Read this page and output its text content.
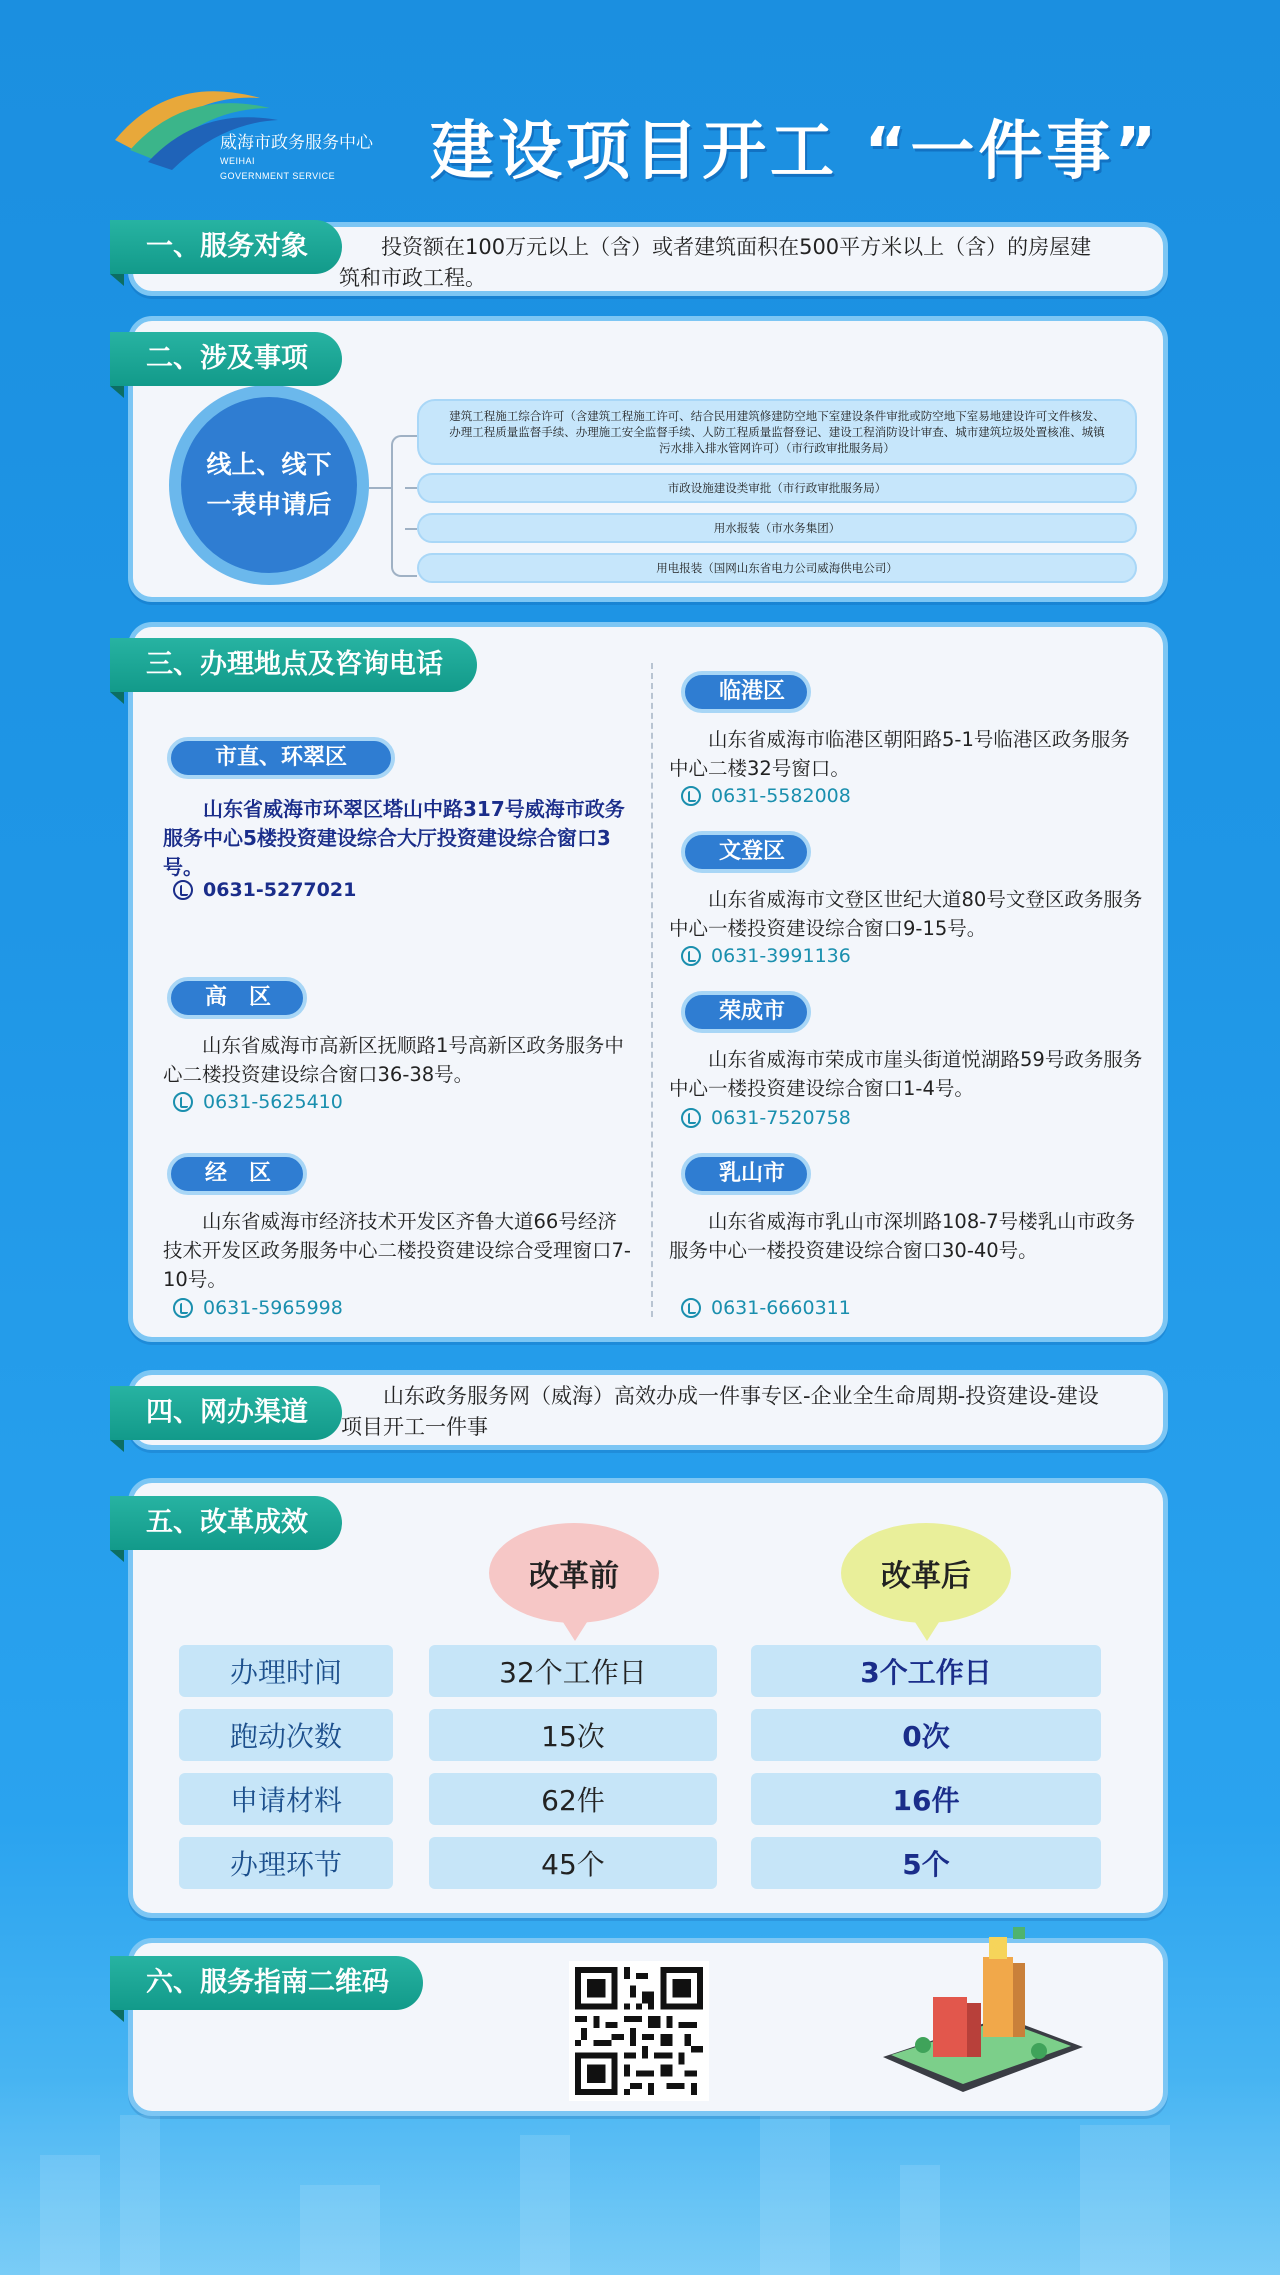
威海市政务服务中心
WEIHAI
GOVERNMENT SERVICE 建设项目开工 “一件事”
投资额在100万元以上（含）或者建筑面积在500平方米以上（含）的房屋建筑和市政工程。
一、服务对象
线上、线下
一表申请后
建筑工程施工综合许可（含建筑工程施工许可、结合民用建筑修建防空地下室建设条件审批或防空地下室易地建设许可文件核发、办理工程质量监督手续、办理施工安全监督手续、人防工程质量监督登记、建设工程消防设计审查、城市建筑垃圾处置核准、城镇污水排入排水管网许可）（市行政审批服务局）
市政设施建设类审批（市行政审批服务局）
用水报装（市水务集团）
用电报装（国网山东省电力公司威海供电公司）
二、涉及事项
市直、环翠区
山东省威海市环翠区塔山中路317号威海市政务服务中心5楼投资建设综合大厅投资建设综合窗口3号。
0631-5277021
高　区
山东省威海市高新区抚顺路1号高新区政务服务中心二楼投资建设综合窗口36-38号。
0631-5625410
经　区
山东省威海市经济技术开发区齐鲁大道66号经济技术开发区政务服务中心二楼投资建设综合受理窗口7-10号。
0631-5965998
临港区
山东省威海市临港区朝阳路5-1号临港区政务服务中心二楼32号窗口。
0631-5582008
文登区
山东省威海市文登区世纪大道80号文登区政务服务中心一楼投资建设综合窗口9-15号。
0631-3991136
荣成市
山东省威海市荣成市崖头街道悦湖路59号政务服务中心一楼投资建设综合窗口1-4号。
0631-7520758
乳山市
山东省威海市乳山市深圳路108-7号楼乳山市政务服务中心一楼投资建设综合窗口30-40号。
0631-6660311
三、办理地点及咨询电话
山东政务服务网（威海）高效办成一件事专区-企业全生命周期-投资建设-建设项目开工一件事
四、网办渠道
改革前	改革后
办理时间	32个工作日	3个工作日
跑动次数	15次	0次
申请材料	62件	16件
办理环节	45个	5个
五、改革成效
六、服务指南二维码
